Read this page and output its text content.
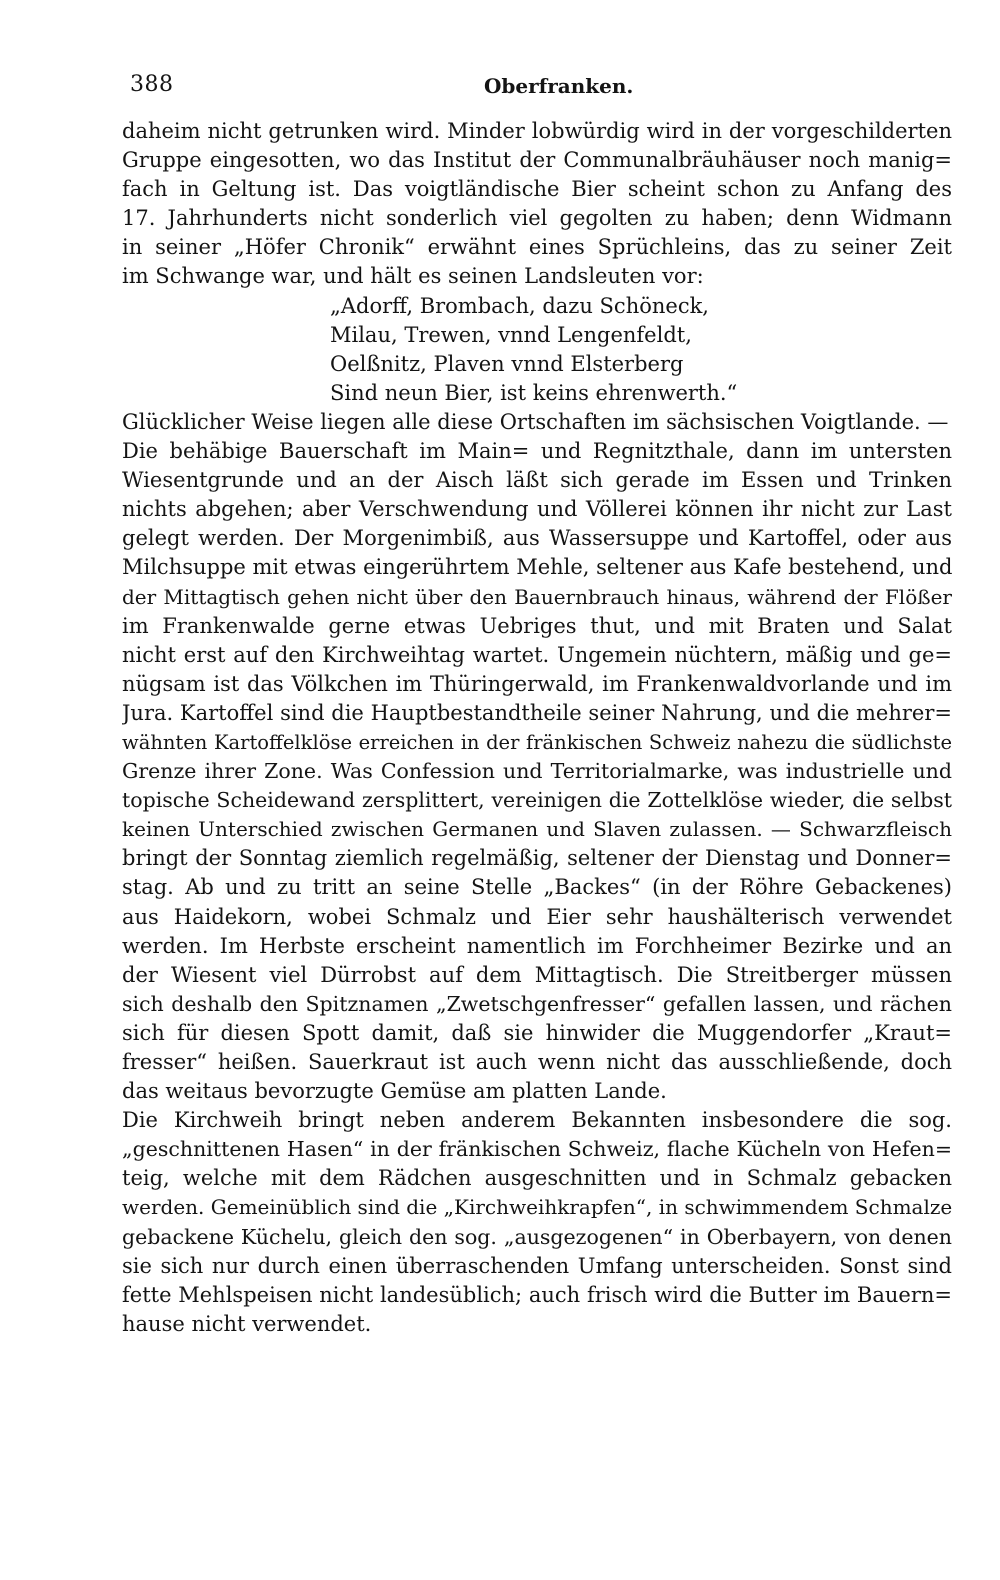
388	Oberfranken.
daheim nicht getrunken wird. Minder lobwürdig wird in der vorgeschilderten
Gruppe eingesotten, wo das Institut der Communalbräuhäuser noch manig=
fach in Geltung ist. Das voigtländische Bier scheint schon zu Anfang des
17. Jahrhunderts nicht sonderlich viel gegolten zu haben; denn Widmann
in seiner „Höfer Chronik“ erwähnt eines Sprüchleins, das zu seiner Zeit
im Schwange war, und hält es seinen Landsleuten vor:
„Adorff, Brombach, dazu Schöneck,
Milau, Trewen, vnnd Lengenfeldt,
Oelßnitz, Plaven vnnd Elsterberg
Sind neun Bier, ist keins ehrenwerth.“
Glücklicher Weise liegen alle diese Ortschaften im sächsischen Voigtlande. —
Die behäbige Bauerschaft im Main= und Regnitzthale, dann im untersten
Wiesentgrunde und an der Aisch läßt sich gerade im Essen und Trinken
nichts abgehen; aber Verschwendung und Völlerei können ihr nicht zur Last
gelegt werden. Der Morgenimbiß, aus Wassersuppe und Kartoffel, oder aus
Milchsuppe mit etwas eingerührtem Mehle, seltener aus Kafe bestehend, und
der Mittagtisch gehen nicht über den Bauernbrauch hinaus, während der Flößer
im Frankenwalde gerne etwas Uebriges thut, und mit Braten und Salat
nicht erst auf den Kirchweihtag wartet. Ungemein nüchtern, mäßig und ge=
nügsam ist das Völkchen im Thüringerwald, im Frankenwaldvorlande und im
Jura. Kartoffel sind die Hauptbestandtheile seiner Nahrung, und die mehrer=
wähnten Kartoffelklöse erreichen in der fränkischen Schweiz nahezu die südlichste
Grenze ihrer Zone. Was Confession und Territorialmarke, was industrielle und
topische Scheidewand zersplittert, vereinigen die Zottelklöse wieder, die selbst
keinen Unterschied zwischen Germanen und Slaven zulassen. — Schwarzfleisch
bringt der Sonntag ziemlich regelmäßig, seltener der Dienstag und Donner=
stag. Ab und zu tritt an seine Stelle „Backes“ (in der Röhre Gebackenes)
aus Haidekorn, wobei Schmalz und Eier sehr haushälterisch verwendet
werden. Im Herbste erscheint namentlich im Forchheimer Bezirke und an
der Wiesent viel Dürrobst auf dem Mittagtisch. Die Streitberger müssen
sich deshalb den Spitznamen „Zwetschgenfresser“ gefallen lassen, und rächen
sich für diesen Spott damit, daß sie hinwider die Muggendorfer „Kraut=
fresser“ heißen. Sauerkraut ist auch wenn nicht das ausschließende, doch
das weitaus bevorzugte Gemüse am platten Lande.
Die Kirchweih bringt neben anderem Bekannten insbesondere die sog.
„geschnittenen Hasen“ in der fränkischen Schweiz, flache Kücheln von Hefen=
teig, welche mit dem Rädchen ausgeschnitten und in Schmalz gebacken
werden. Gemeinüblich sind die „Kirchweihkrapfen“, in schwimmendem Schmalze
gebackene Küchelu, gleich den sog. „ausgezogenen“ in Oberbayern, von denen
sie sich nur durch einen überraschenden Umfang unterscheiden. Sonst sind
fette Mehlspeisen nicht landesüblich; auch frisch wird die Butter im Bauern=
hause nicht verwendet.
